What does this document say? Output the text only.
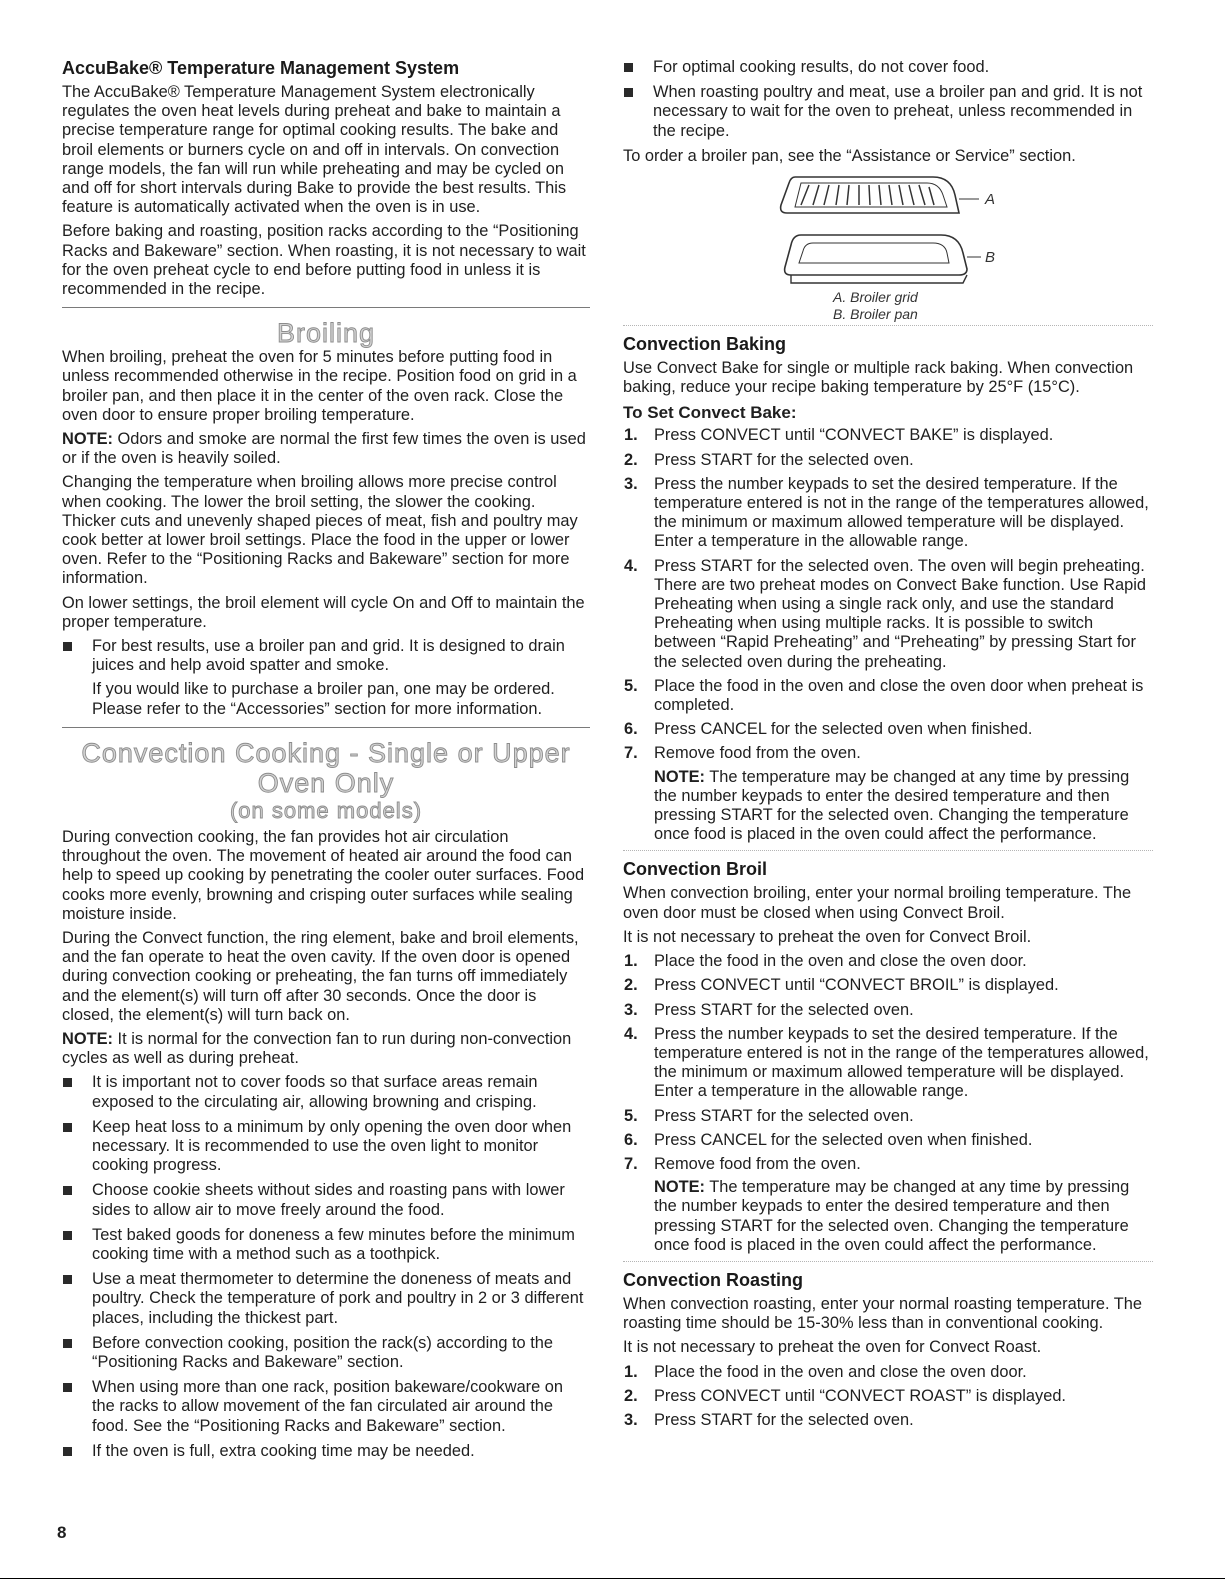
AccuBake® Temperature Management System

The AccuBake® Temperature Management System electronically regulates the oven heat levels during preheat and bake to maintain a precise temperature range for optimal cooking results. The bake and broil elements or burners cycle on and off in intervals. On convection range models, the fan will run while preheating and may be cycled on and off for short intervals during Bake to provide the best results. This feature is automatically activated when the oven is in use.

Before baking and roasting, position racks according to the “Positioning Racks and Bakeware” section. When roasting, it is not necessary to wait for the oven preheat cycle to end before putting food in unless it is recommended in the recipe.

Broiling

When broiling, preheat the oven for 5 minutes before putting food in unless recommended otherwise in the recipe. Position food on grid in a broiler pan, and then place it in the center of the oven rack. Close the oven door to ensure proper broiling temperature.

NOTE: Odors and smoke are normal the first few times the oven is used or if the oven is heavily soiled.

Changing the temperature when broiling allows more precise control when cooking. The lower the broil setting, the slower the cooking. Thicker cuts and unevenly shaped pieces of meat, fish and poultry may cook better at lower broil settings. Place the food in the upper or lower oven. Refer to the “Positioning Racks and Bakeware” section for more information.

On lower settings, the broil element will cycle On and Off to maintain the proper temperature.

For best results, use a broiler pan and grid. It is designed to drain juices and help avoid spatter and smoke.

If you would like to purchase a broiler pan, one may be ordered. Please refer to the “Accessories” section for more information.

Convection Cooking - Single or Upper
Oven Only
(on some models)

During convection cooking, the fan provides hot air circulation throughout the oven. The movement of heated air around the food can help to speed up cooking by penetrating the cooler outer surfaces. Food cooks more evenly, browning and crisping outer surfaces while sealing moisture inside.

During the Convect function, the ring element, bake and broil elements, and the fan operate to heat the oven cavity. If the oven door is opened during convection cooking or preheating, the fan turns off immediately and the element(s) will turn off after 30 seconds. Once the door is closed, the element(s) will turn back on.

NOTE: It is normal for the convection fan to run during non-convection cycles as well as during preheat.

It is important not to cover foods so that surface areas remain exposed to the circulating air, allowing browning and crisping.
Keep heat loss to a minimum by only opening the oven door when necessary. It is recommended to use the oven light to monitor cooking progress.
Choose cookie sheets without sides and roasting pans with lower sides to allow air to move freely around the food.
Test baked goods for doneness a few minutes before the minimum cooking time with a method such as a toothpick.
Use a meat thermometer to determine the doneness of meats and poultry. Check the temperature of pork and poultry in 2 or 3 different places, including the thickest part.
Before convection cooking, position the rack(s) according to the “Positioning Racks and Bakeware” section.
When using more than one rack, position bakeware/cookware on the racks to allow movement of the fan circulated air around the food. See the “Positioning Racks and Bakeware” section.
If the oven is full, extra cooking time may be needed.
For optimal cooking results, do not cover food.
When roasting poultry and meat, use a broiler pan and grid. It is not necessary to wait for the oven to preheat, unless recommended in the recipe.

To order a broiler pan, see the “Assistance or Service” section.

A
B
A. Broiler grid
B. Broiler pan
Convection Baking

Use Convect Bake for single or multiple rack baking. When convection baking, reduce your recipe baking temperature by 25°F (15°C).

To Set Convect Bake:
1. Press CONVECT until “CONVECT BAKE” is displayed.
2. Press START for the selected oven.
3. Press the number keypads to set the desired temperature. If the temperature entered is not in the range of the temperatures allowed, the minimum or maximum allowed temperature will be displayed. Enter a temperature in the allowable range.
4. Press START for the selected oven. The oven will begin preheating. There are two preheat modes on Convect Bake function. Use Rapid Preheating when using a single rack only, and use the standard Preheating when using multiple racks. It is possible to switch between “Rapid Preheating” and “Preheating” by pressing Start for the selected oven during the preheating.
5. Place the food in the oven and close the oven door when preheat is completed.
6. Press CANCEL for the selected oven when finished.
7. Remove food from the oven.
NOTE: The temperature may be changed at any time by pressing the number keypads to enter the desired temperature and then pressing START for the selected oven. Changing the temperature once food is placed in the oven could affect the performance.
Convection Broil

When convection broiling, enter your normal broiling temperature. The oven door must be closed when using Convect Broil.

It is not necessary to preheat the oven for Convect Broil.

1. Place the food in the oven and close the oven door.
2. Press CONVECT until “CONVECT BROIL” is displayed.
3. Press START for the selected oven.
4. Press the number keypads to set the desired temperature. If the temperature entered is not in the range of the temperatures allowed, the minimum or maximum allowed temperature will be displayed. Enter a temperature in the allowable range.
5. Press START for the selected oven.
6. Press CANCEL for the selected oven when finished.
7. Remove food from the oven.
NOTE: The temperature may be changed at any time by pressing the number keypads to enter the desired temperature and then pressing START for the selected oven. Changing the temperature once food is placed in the oven could affect the performance.
Convection Roasting

When convection roasting, enter your normal roasting temperature. The roasting time should be 15-30% less than in conventional cooking.

It is not necessary to preheat the oven for Convect Roast.

1. Place the food in the oven and close the oven door.
2. Press CONVECT until “CONVECT ROAST” is displayed.
3. Press START for the selected oven.
8
